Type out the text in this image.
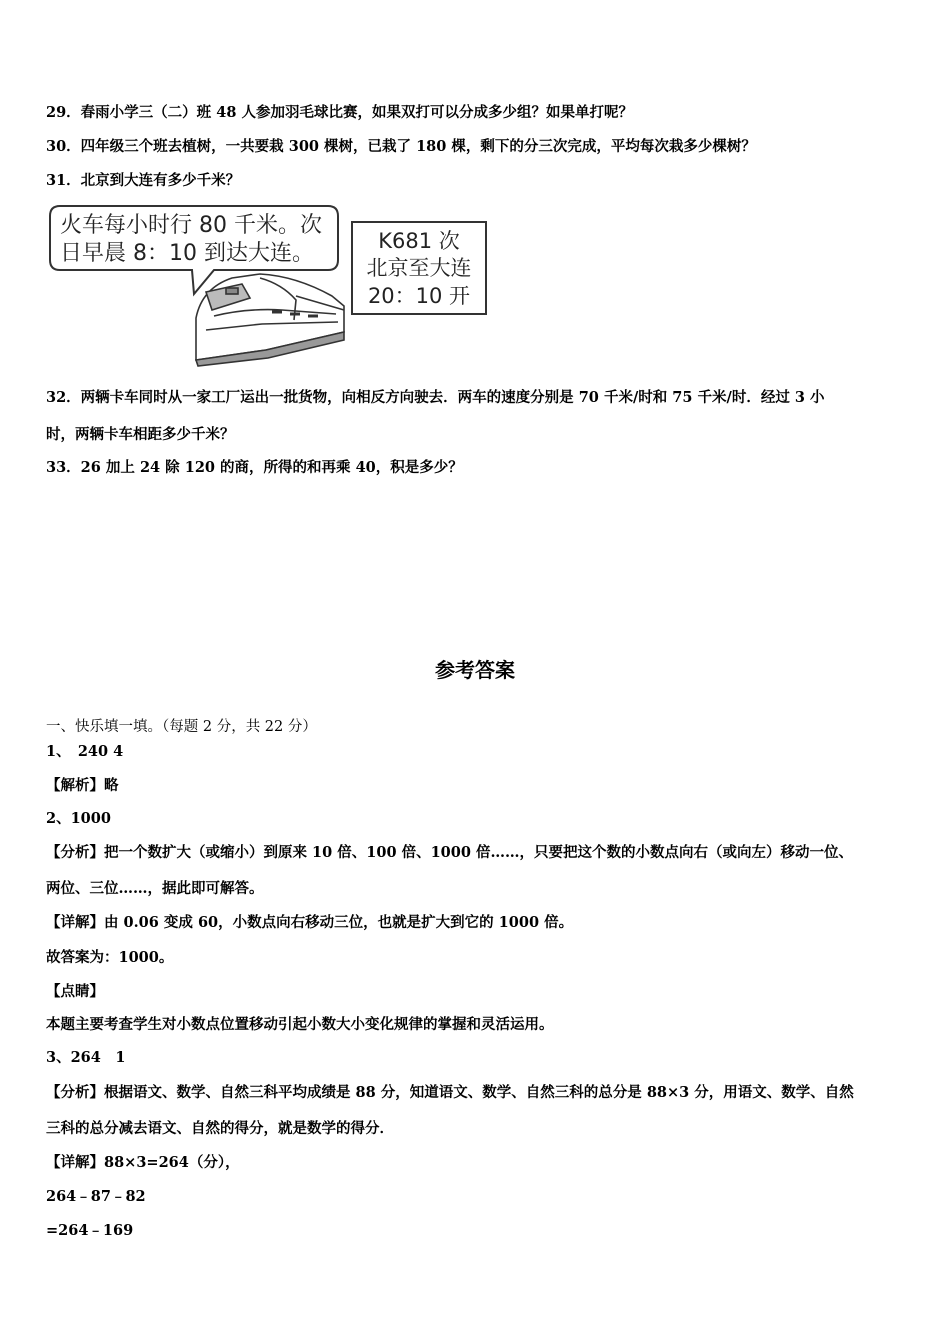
29．春雨小学三（二）班 48 人参加羽毛球比赛，如果双打可以分成多少组？如果单打呢？
30．四年级三个班去植树，一共要栽 300 棵树，已栽了 180 棵，剩下的分三次完成，平均每次栽多少棵树？
31．北京到大连有多少千米？
火车每小时行 80 千米。次
日早晨 8：10 到达大连。	K681 次
北京至大连
20：10 开
32．两辆卡车同时从一家工厂运出一批货物，向相反方向驶去．两车的速度分别是 70 千米/时和 75 千米/时．经过 3 小
时，两辆卡车相距多少千米？
33．26 加上 24 除 120 的商，所得的和再乘 40，积是多少？
参考答案
一、快乐填一填。（每题 2 分，共 22 分）
1、　240 4
【解析】略
2、1000
【分析】把一个数扩大（或缩小）到原来 10 倍、100 倍、1000 倍……，只要把这个数的小数点向右（或向左）移动一位、
两位、三位……，据此即可解答。
【详解】由 0.06 变成 60，小数点向右移动三位，也就是扩大到它的 1000 倍。
故答案为：1000。
【点睛】
本题主要考查学生对小数点位置移动引起小数大小变化规律的掌握和灵活运用。
3、264　1
【分析】根据语文、数学、自然三科平均成绩是 88 分，知道语文、数学、自然三科的总分是 88×3 分，用语文、数学、自然
三科的总分减去语文、自然的得分，就是数学的得分．
【详解】88×3=264（分），
264﹣87﹣82
=264﹣169
